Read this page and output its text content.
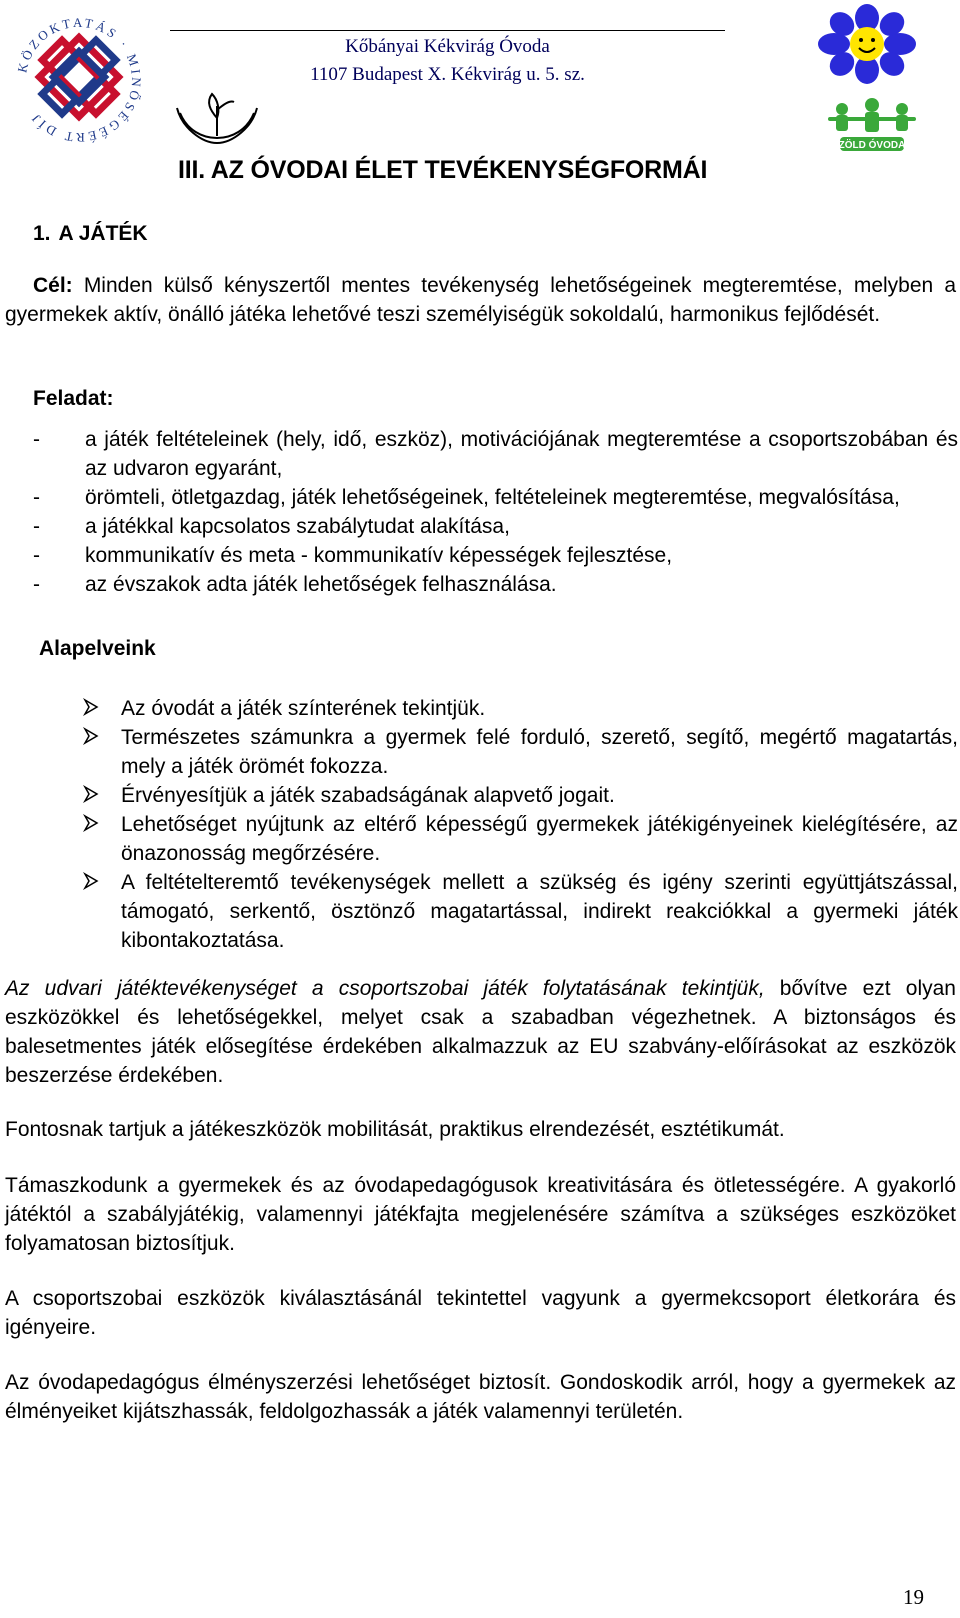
KÖZOKTATÁS · MINŐSÉGÉÉRT DÍJ
Kőbányai Kékvirág Óvoda
1107 Budapest X. Kékvirág u. 5. sz.
ZÖLD ÓVODA
III. AZ ÓVODAI ÉLET TEVÉKENYSÉGFORMÁI
1. A JÁTÉK
Cél: Minden külső kényszertől mentes tevékenység lehetőségeinek megteremtése, melyben a gyermekek aktív, önálló játéka lehetővé teszi személyiségük sokoldalú, harmonikus fejlődését.
Feladat:
- a játék feltételeinek (hely, idő, eszköz), motivációjának megteremtése a csoportszobában és az udvaron egyaránt,
- örömteli, ötletgazdag, játék lehetőségeinek, feltételeinek megteremtése, megvalósítása,
- a játékkal kapcsolatos szabálytudat alakítása,
- kommunikatív és meta - kommunikatív képességek fejlesztése,
- az évszakok adta játék lehetőségek felhasználása.
Alapelveink
Az óvodát a játék színterének tekintjük.
Természetes számunkra a gyermek felé forduló, szerető, segítő, megértő magatartás, mely a játék örömét fokozza.
Érvényesítjük a játék szabadságának alapvető jogait.
Lehetőséget nyújtunk az eltérő képességű gyermekek játékigényeinek kielégítésére, az önazonosság megőrzésére.
A feltételteremtő tevékenységek mellett a szükség és igény szerinti együttjátszással, támogató, serkentő, ösztönző magatartással, indirekt reakciókkal a gyermeki játék kibontakoztatása.
Az udvari játéktevékenységet a csoportszobai játék folytatásának tekintjük, bővítve ezt olyan eszközökkel és lehetőségekkel, melyet csak a szabadban végezhetnek. A biztonságos és balesetmentes játék elősegítése érdekében alkalmazzuk az EU szabvány-előírásokat az eszközök beszerzése érdekében.
Fontosnak tartjuk a játékeszközök mobilitását, praktikus elrendezését, esztétikumát.
Támaszkodunk a gyermekek és az óvodapedagógusok kreativitására és ötletességére. A gyakorló játéktól a szabályjátékig, valamennyi játékfajta megjelenésére számítva a szükséges eszközöket folyamatosan biztosítjuk.
A csoportszobai eszközök kiválasztásánál tekintettel vagyunk a gyermekcsoport életkorára és igényeire.
Az óvodapedagógus élményszerzési lehetőséget biztosít. Gondoskodik arról, hogy a gyermekek az élményeiket kijátszhassák, feldolgozhassák a játék valamennyi területén.
19
